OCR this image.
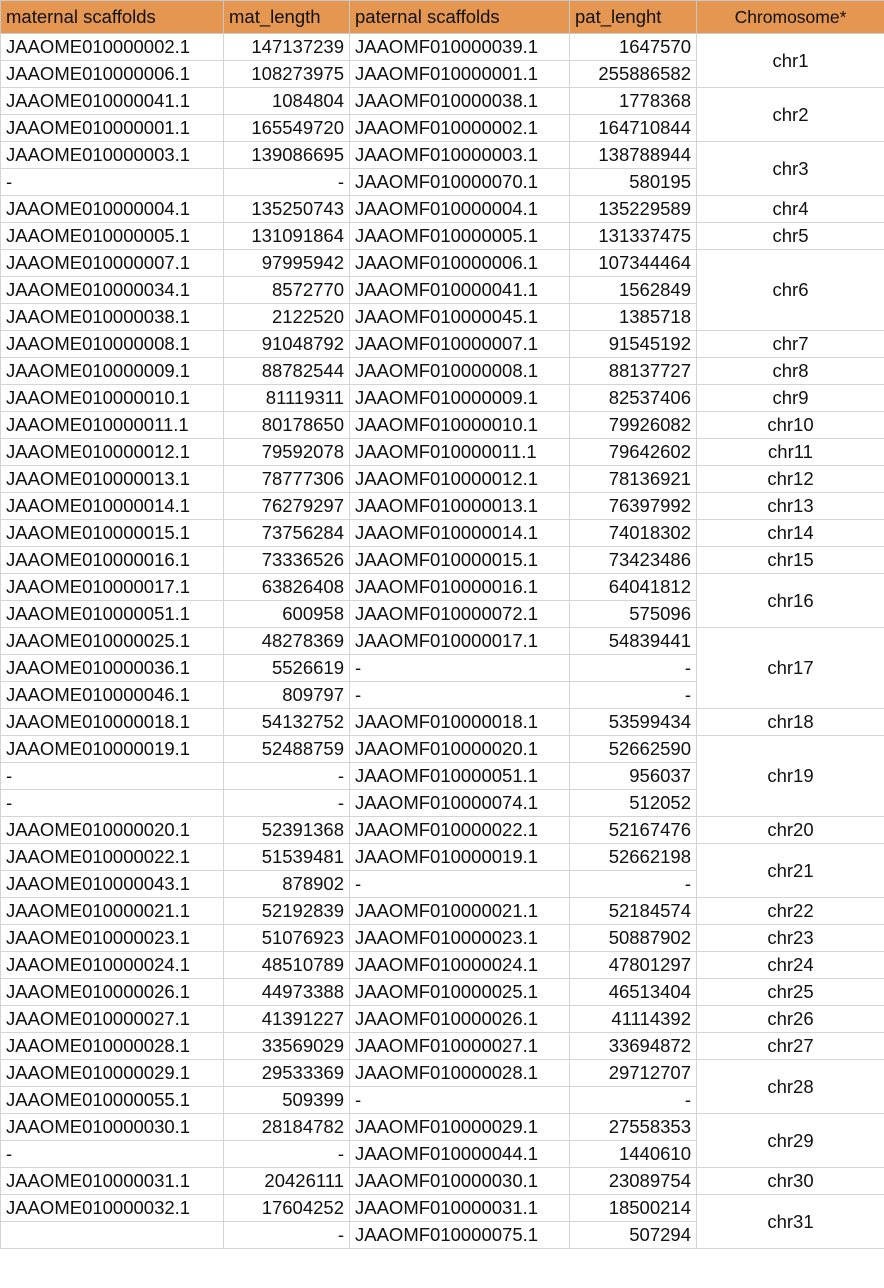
maternal scaffolds	mat_length	paternal scaffolds	pat_lenght	Chromosome*
JAAOME010000002.1	147137239	JAAOMF010000039.1	1647570	chr1
JAAOME010000006.1	108273975	JAAOMF010000001.1	255886582	
JAAOME010000041.1	1084804	JAAOMF010000038.1	1778368	chr2
JAAOME010000001.1	165549720	JAAOMF010000002.1	164710844	
JAAOME010000003.1	139086695	JAAOMF010000003.1	138788944	chr3
-	-	JAAOMF010000070.1	580195	
JAAOME010000004.1	135250743	JAAOMF010000004.1	135229589	chr4
JAAOME010000005.1	131091864	JAAOMF010000005.1	131337475	chr5
JAAOME010000007.1	97995942	JAAOMF010000006.1	107344464	chr6
JAAOME010000034.1	8572770	JAAOMF010000041.1	1562849	
JAAOME010000038.1	2122520	JAAOMF010000045.1	1385718	
JAAOME010000008.1	91048792	JAAOMF010000007.1	91545192	chr7
JAAOME010000009.1	88782544	JAAOMF010000008.1	88137727	chr8
JAAOME010000010.1	81119311	JAAOMF010000009.1	82537406	chr9
JAAOME010000011.1	80178650	JAAOMF010000010.1	79926082	chr10
JAAOME010000012.1	79592078	JAAOMF010000011.1	79642602	chr11
JAAOME010000013.1	78777306	JAAOMF010000012.1	78136921	chr12
JAAOME010000014.1	76279297	JAAOMF010000013.1	76397992	chr13
JAAOME010000015.1	73756284	JAAOMF010000014.1	74018302	chr14
JAAOME010000016.1	73336526	JAAOMF010000015.1	73423486	chr15
JAAOME010000017.1	63826408	JAAOMF010000016.1	64041812	chr16
JAAOME010000051.1	600958	JAAOMF010000072.1	575096	
JAAOME010000025.1	48278369	JAAOMF010000017.1	54839441	chr17
JAAOME010000036.1	5526619	-	-	
JAAOME010000046.1	809797	-	-	
JAAOME010000018.1	54132752	JAAOMF010000018.1	53599434	chr18
JAAOME010000019.1	52488759	JAAOMF010000020.1	52662590	chr19
-	-	JAAOMF010000051.1	956037	
-	-	JAAOMF010000074.1	512052	
JAAOME010000020.1	52391368	JAAOMF010000022.1	52167476	chr20
JAAOME010000022.1	51539481	JAAOMF010000019.1	52662198	chr21
JAAOME010000043.1	878902	-	-	
JAAOME010000021.1	52192839	JAAOMF010000021.1	52184574	chr22
JAAOME010000023.1	51076923	JAAOMF010000023.1	50887902	chr23
JAAOME010000024.1	48510789	JAAOMF010000024.1	47801297	chr24
JAAOME010000026.1	44973388	JAAOMF010000025.1	46513404	chr25
JAAOME010000027.1	41391227	JAAOMF010000026.1	41114392	chr26
JAAOME010000028.1	33569029	JAAOMF010000027.1	33694872	chr27
JAAOME010000029.1	29533369	JAAOMF010000028.1	29712707	chr28
JAAOME010000055.1	509399	-	-	
JAAOME010000030.1	28184782	JAAOMF010000029.1	27558353	chr29
-	-	JAAOMF010000044.1	1440610	
JAAOME010000031.1	20426111	JAAOMF010000030.1	23089754	chr30
JAAOME010000032.1	17604252	JAAOMF010000031.1	18500214	chr31
	-	JAAOMF010000075.1	507294	
